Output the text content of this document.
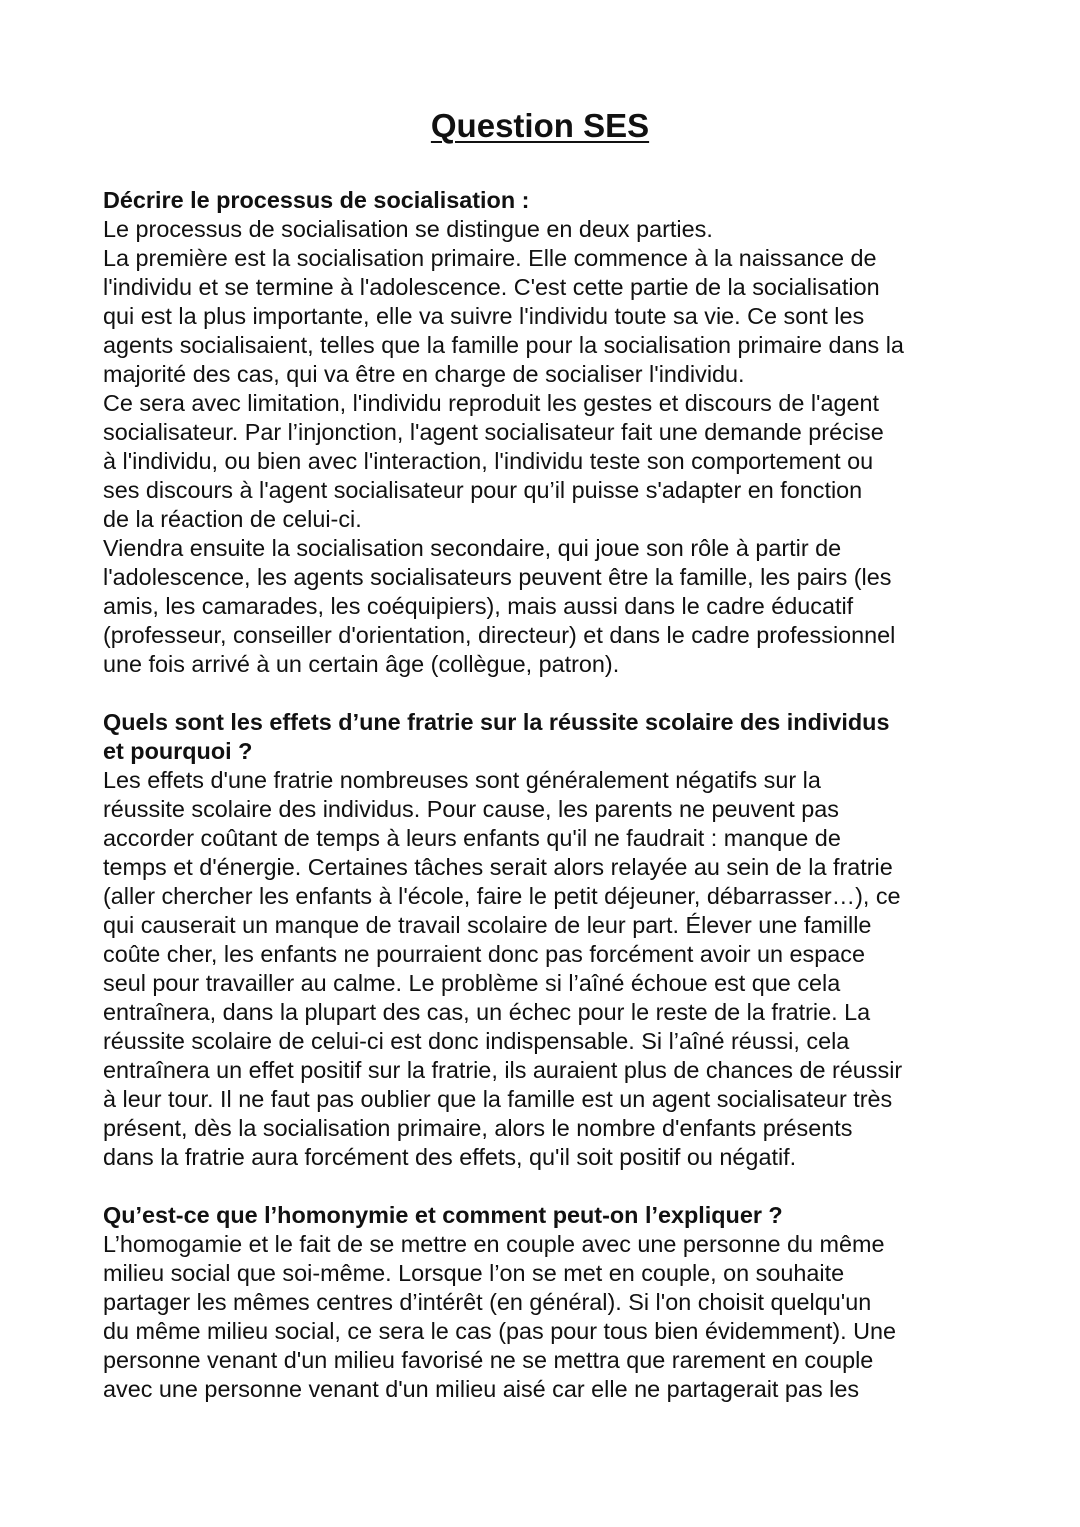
Question SES
Décrire le processus de socialisation :
Le processus de socialisation se distingue en deux parties.
La première est la socialisation primaire. Elle commence à la naissance de
l'individu et se termine à l'adolescence. C'est cette partie de la socialisation
qui est la plus importante, elle va suivre l'individu toute sa vie. Ce sont les
agents socialisaient, telles que la famille pour la socialisation primaire dans la
majorité des cas, qui va être en charge de socialiser l'individu.
Ce sera avec limitation, l'individu reproduit les gestes et discours de l'agent
socialisateur. Par l’injonction, l'agent socialisateur fait une demande précise
à l'individu, ou bien avec l'interaction, l'individu teste son comportement ou
ses discours à l'agent socialisateur pour qu’il puisse s'adapter en fonction
de la réaction de celui-ci.
Viendra ensuite la socialisation secondaire, qui joue son rôle à partir de
l'adolescence, les agents socialisateurs peuvent être la famille, les pairs (les
amis, les camarades, les coéquipiers), mais aussi dans le cadre éducatif
(professeur, conseiller d'orientation, directeur) et dans le cadre professionnel
une fois arrivé à un certain âge (collègue, patron).
Quels sont les effets d’une fratrie sur la réussite scolaire des individus
et pourquoi ?
Les effets d'une fratrie nombreuses sont généralement négatifs sur la
réussite scolaire des individus. Pour cause, les parents ne peuvent pas
accorder coûtant de temps à leurs enfants qu'il ne faudrait : manque de
temps et d'énergie. Certaines tâches serait alors relayée au sein de la fratrie
(aller chercher les enfants à l'école, faire le petit déjeuner, débarrasser…), ce
qui causerait un manque de travail scolaire de leur part. Élever une famille
coûte cher, les enfants ne pourraient donc pas forcément avoir un espace
seul pour travailler au calme. Le problème si l’aîné échoue est que cela
entraînera, dans la plupart des cas, un échec pour le reste de la fratrie. La
réussite scolaire de celui-ci est donc indispensable. Si l’aîné réussi, cela
entraînera un effet positif sur la fratrie, ils auraient plus de chances de réussir
à leur tour. Il ne faut pas oublier que la famille est un agent socialisateur très
présent, dès la socialisation primaire, alors le nombre d'enfants présents
dans la fratrie aura forcément des effets, qu'il soit positif ou négatif.
Qu’est-ce que l’homonymie et comment peut-on l’expliquer ?
L’homogamie et le fait de se mettre en couple avec une personne du même
milieu social que soi-même. Lorsque l’on se met en couple, on souhaite
partager les mêmes centres d’intérêt (en général). Si l'on choisit quelqu'un
du même milieu social, ce sera le cas (pas pour tous bien évidemment). Une
personne venant d'un milieu favorisé ne se mettra que rarement en couple
avec une personne venant d'un milieu aisé car elle ne partagerait pas les
